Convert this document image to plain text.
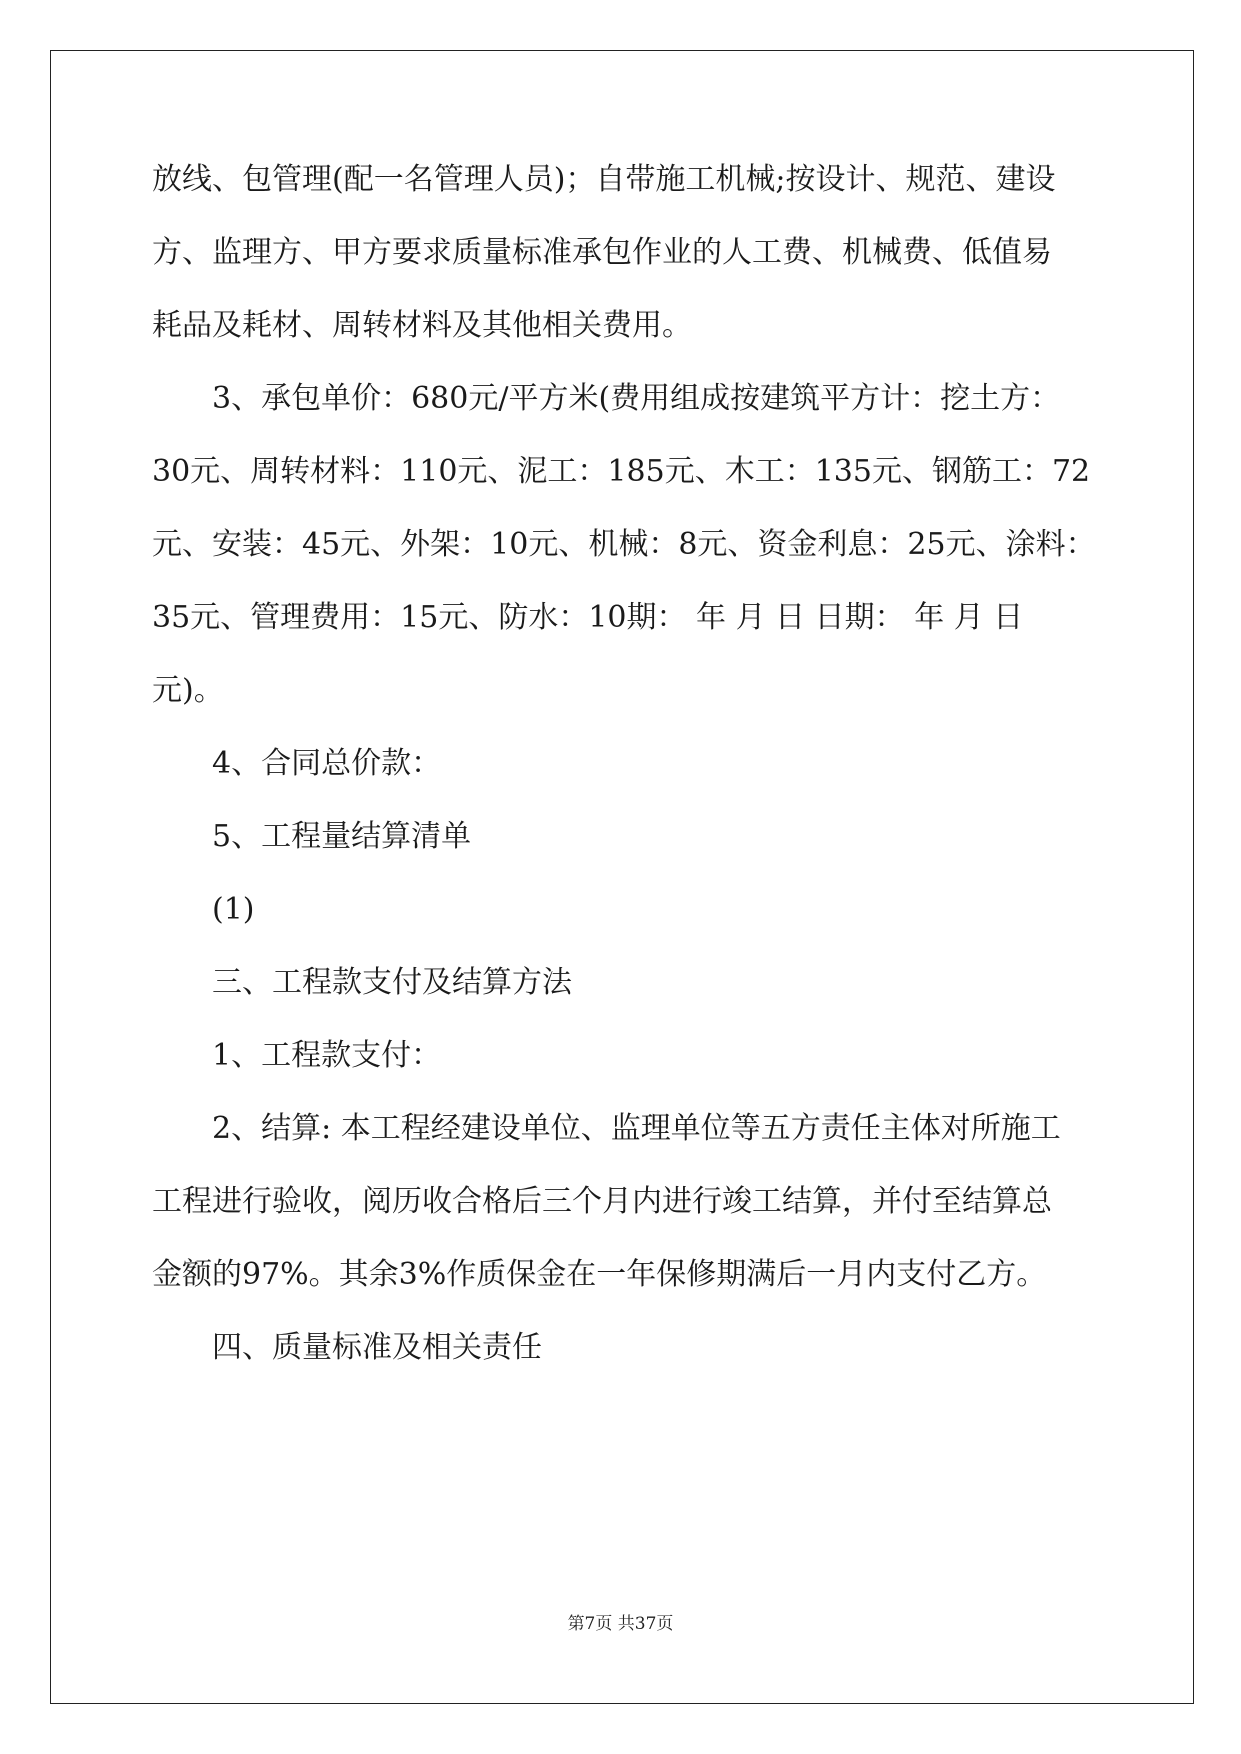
放线、包管理(配一名管理人员)；自带施工机械;按设计、规范、建设

方、监理方、甲方要求质量标准承包作业的人工费、机械费、低值易

耗品及耗材、周转材料及其他相关费用。

3、承包单价：680元/平方米(费用组成按建筑平方计：挖土方：

30元、周转材料：110元、泥工：185元、木工：135元、钢筋工：72

元、安装：45元、外架：10元、机械：8元、资金利息：25元、涂料：

35元、管理费用：15元、防水：10期： 年 月 日 日期： 年 月 日

元)。

4、合同总价款：

5、工程量结算清单

(1)

三、工程款支付及结算方法

1、工程款支付：

2、结算: 本工程经建设单位、监理单位等五方责任主体对所施工

工程进行验收，阅历收合格后三个月内进行竣工结算，并付至结算总

金额的97%。其余3%作质保金在一年保修期满后一月内支付乙方。

四、质量标准及相关责任

第7页 共37页
